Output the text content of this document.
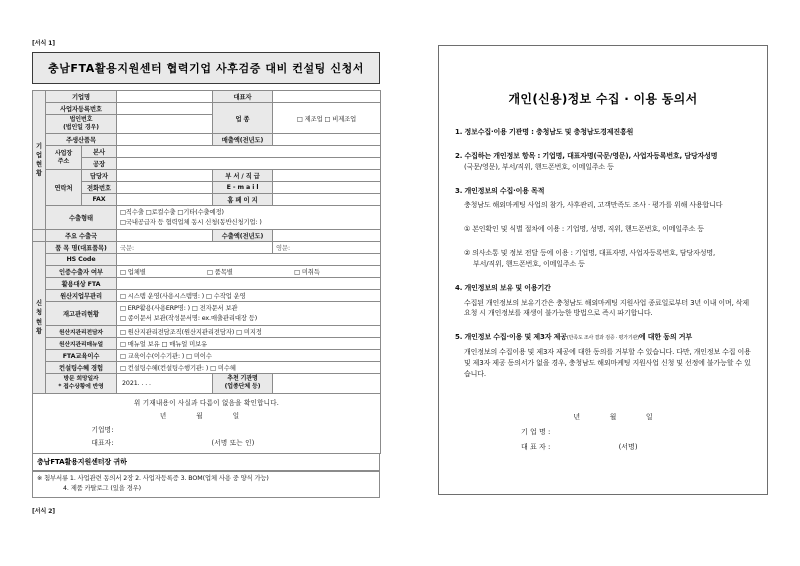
[서식 1]
충남FTA활용지원센터 협력기업 사후검증 대비 컨설팅 신청서
기업현황	기업명			대표자	
	사업자등록번호			업 종	□ 제조업 □ 비제조업

	법인번호
(법인일 경우)				

	주생산품목			매출액(전년도)	

	사업장
주소	본사			
		공장			
	연락처	담당자		부 서 / 직 급	
		전화번호		E - m a i l	
		FAX		홈 페 이 지	
	수출형태		□직수출 □로컬수출 □기타(수출예정)
□국내공급자 등 협력업체 동시 신청(동반신청기업: )		

	주요 수출국			수출액(전년도)	
신청현황	품 목 명(대표품목)		국문:		영문:
	HS Code				
	인증수출자 여부		□ 업체별 □ 품목별 □ 미취득		
	활용대상 FTA				
	원산지업무관리		□ 시스템 운영(사용시스템명: ) □ 수작업 운영		
	재고관리현황		□ ERP활용(사용ERP명: ) □ 전자문서 보관
□ 종이문서 보관(작성문서명: ex.매출관리대장 등)		

	원산지관리전담자		□ 원산지관리전담조직(원산지관리전담자) □ 미지정		
	원산지관리매뉴얼		□ 매뉴얼 보유 □ 매뉴얼 미보유		
	FTA교육이수		□ 교육이수(이수기관: ) □ 미이수		
	컨설팅수혜 경험		□ 컨설팅수혜(컨설팅수행기관: ) □ 미수혜		

	방문 희망일자
* 접수상황에 반영		2021. . . .	추천 기관명
(업종단체 등)	

위 기재내용이 사실과 다름이 없음을 확인합니다.
년 월 일
기업명:
대표자: (서명 또는 인)					
충남FTA활용지원센터장 귀하
※ 첨부서류 1. 사업관련 동의서 2장 2. 사업자등록증 3. BOM(업체 사용 중 양식 가능)
4. 제품 카탈로그 (있을 경우)
[서식 2]
개인(신용)정보 수집 · 이용 동의서
1. 정보수집·이용 기관명 : 충청남도 및 충청남도경제진흥원
2. 수집하는 개인정보 항목 : 기업명, 대표자명(국문/영문), 사업자등록번호, 담당자성명
(국문/영문), 부서/직위, 핸드폰번호, 이메일주소 등
3. 개인정보의 수집·이용 목적
충청남도 해외마케팅 사업의 참가, 사후관리, 고객만족도 조사 · 평가를 위해 사용합니다
① 본인확인 및 식별 절차에 이용 : 기업명, 성명, 직위, 핸드폰번호, 이메일주소 등
② 의사소통 및 정보 전달 등에 이용 : 기업명, 대표자명, 사업자등록번호, 담당자성명,
부서/직위, 핸드폰번호, 이메일주소 등
4. 개인정보의 보유 및 이용기간
수집된 개인정보의 보유기간은 충청남도 해외마케팅 지원사업 종료일로부터 3년 이내 이며, 삭제 요청 시 개인정보를 재생이 불가능한 방법으로 즉시 파기합니다.
5. 개인정보 수집·이용 및 제3자 제공(만족도 조사 결과 검증 · 평가기관)에 대한 동의 거부
개인정보의 수집이용 및 제3자 제공에 대한 동의를 거부할 수 있습니다. 다만, 개인정보 수집 이용 및 제3자 제공 동의서가 없을 경우, 충청남도 해외마케팅 지원사업 신청 및 선정에 불가능할 수 있습니다.
년	월	일
기 업 명 :
대 표 자 :	(서명)
